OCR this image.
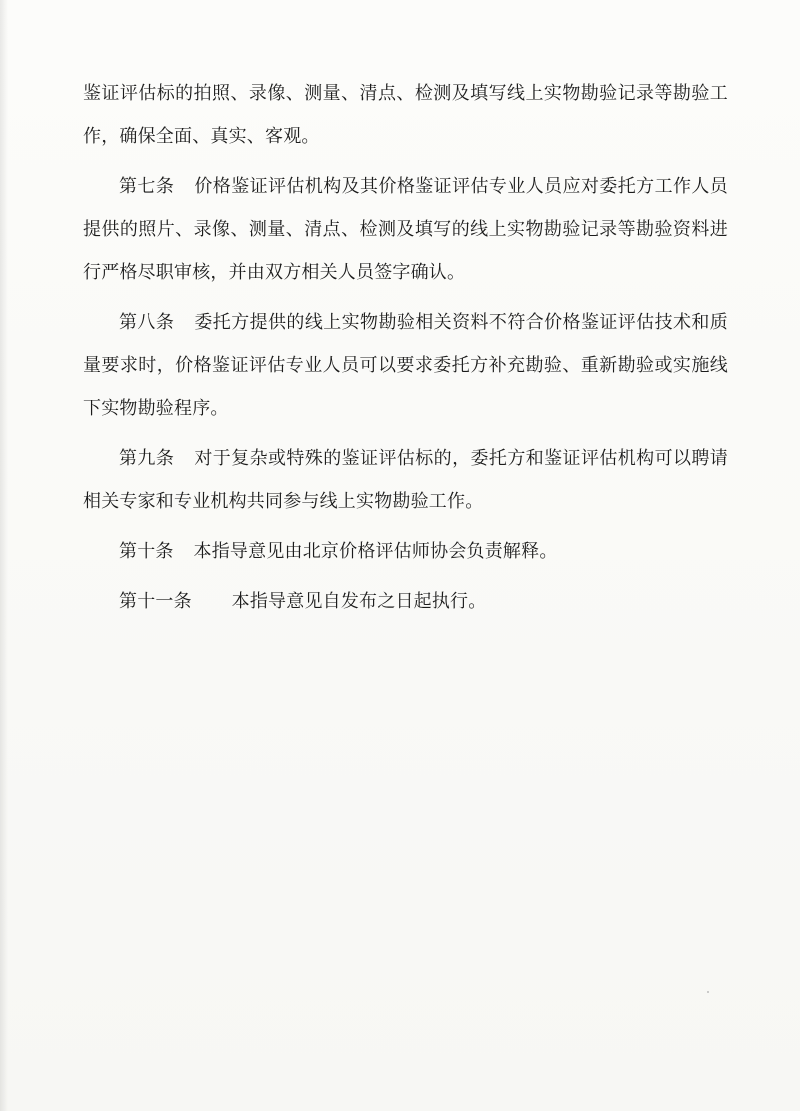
鉴证评估标的拍照、录像、测量、清点、检测及填写线上实物勘验记录等勘验工作，确保全面、真实、客观。

第七条 价格鉴证评估机构及其价格鉴证评估专业人员应对委托方工作人员提供的照片、录像、测量、清点、检测及填写的线上实物勘验记录等勘验资料进行严格尽职审核，并由双方相关人员签字确认。

第八条 委托方提供的线上实物勘验相关资料不符合价格鉴证评估技术和质量要求时，价格鉴证评估专业人员可以要求委托方补充勘验、重新勘验或实施线下实物勘验程序。

第九条 对于复杂或特殊的鉴证评估标的，委托方和鉴证评估机构可以聘请相关专家和专业机构共同参与线上实物勘验工作。

第十条 本指导意见由北京价格评估师协会负责解释。

第十一条 本指导意见自发布之日起执行。
